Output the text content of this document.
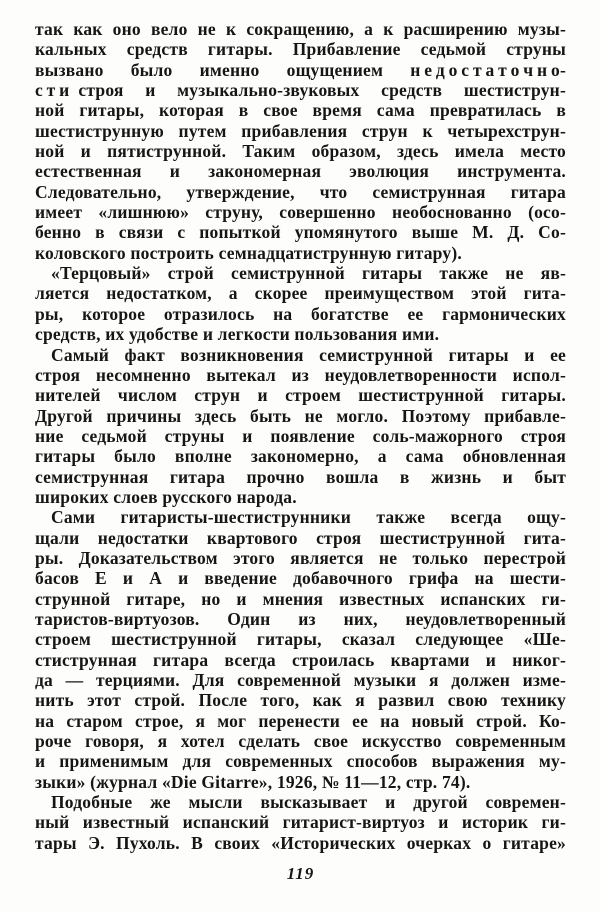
так как оно вело не к сокращению, а к расширению музы-
кальных средств гитары. Прибавление седьмой струны
вызвано было именно ощущением н е д о с т а т о ч н о-
с т и строя и музыкально-звуковых средств шестиструн-
ной гитары, которая в свое время сама превратилась в
шестиструнную путем прибавления струн к четырехструн-
ной и пятиструнной. Таким образом, здесь имела место
естественная и закономерная эволюция инструмента.
Следовательно, утверждение, что семиструнная гитара
имеет «лишнюю» струну, совершенно необоснованно (осо-
бенно в связи с попыткой упомянутого выше М. Д. Со-
коловского построить семнадцатиструнную гитару).
«Терцовый» строй семиструнной гитары также не яв-
ляется недостатком, а скорее преимуществом этой гита-
ры, которое отразилось на богатстве ее гармонических
средств, их удобстве и легкости пользования ими.
Самый факт возникновения семиструнной гитары и ее
строя несомненно вытекал из неудовлетворенности испол-
нителей числом струн и строем шестиструнной гитары.
Другой причины здесь быть не могло. Поэтому прибавле-
ние седьмой струны и появление соль-мажорного строя
гитары было вполне закономерно, а сама обновленная
семиструнная гитара прочно вошла в жизнь и быт
широких слоев русского народа.
Сами гитаристы-шестиструнники также всегда ощу-
щали недостатки квартового строя шестиструнной гита-
ры. Доказательством этого является не только перестрой
басов Е и А и введение добавочного грифа на шести-
струнной гитаре, но и мнения известных испанских ги-
таристов-виртуозов. Один из них, неудовлетворенный
строем шестиструнной гитары, сказал следующее «Ше-
стиструнная гитара всегда строилась квартами и никог-
да — терциями. Для современной музыки я должен изме-
нить этот строй. После того, как я развил свою технику
на старом строе, я мог перенести ее на новый строй. Ко-
роче говоря, я хотел сделать свое искусство современным
и применимым для современных способов выражения му-
зыки» (журнал «Die Gitarre», 1926, № 11—12, стр. 74).
Подобные же мысли высказывает и другой современ-
ный известный испанский гитарист-виртуоз и историк ги-
тары Э. Пухоль. В своих «Исторических очерках о гитаре»
119
